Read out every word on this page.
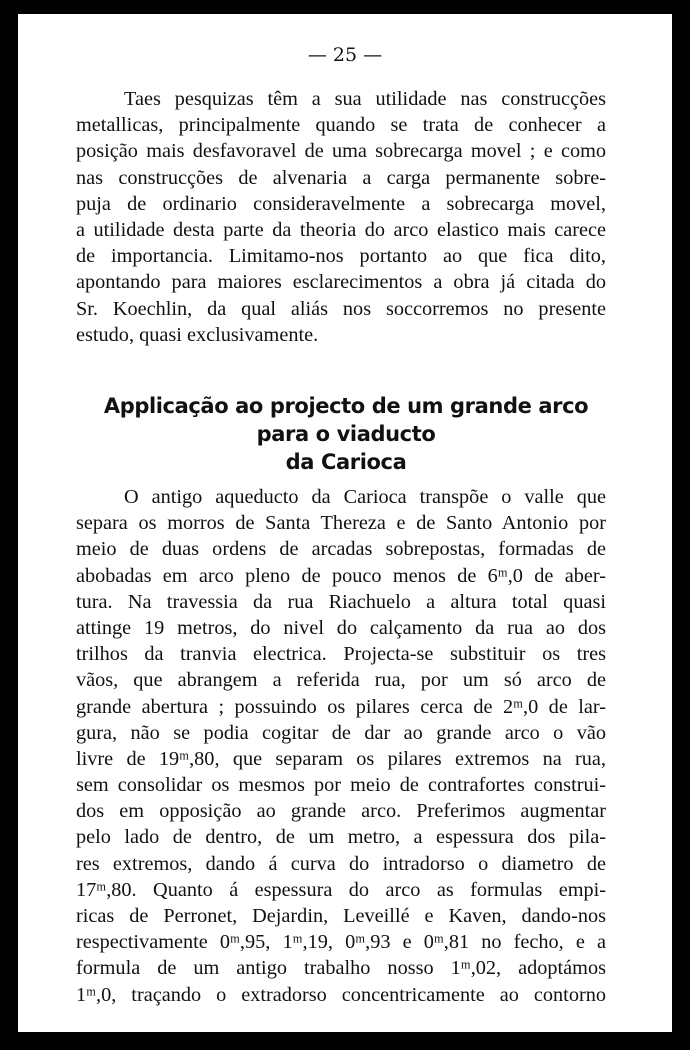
— 25 —

Taes pesquizas têm a sua utilidade nas construcções
metallicas, principalmente quando se trata de conhecer a
posição mais desfavoravel de uma sobrecarga movel ; e como
nas construcções de alvenaria a carga permanente sobre-
puja de ordinario consideravelmente a sobrecarga movel,
a utilidade desta parte da theoria do arco elastico mais carece
de importancia. Limitamo-nos portanto ao que fica dito,
apontando para maiores esclarecimentos a obra já citada do
Sr. Koechlin, da qual aliás nos soccorremos no presente
estudo, quasi exclusivamente.
Applicação ao projecto de um grande arco para o viaducto
da Carioca
O antigo aqueducto da Carioca transpõe o valle que
separa os morros de Santa Thereza e de Santo Antonio por
meio de duas ordens de arcadas sobrepostas, formadas de
abobadas em arco pleno de pouco menos de 6ᵐ,0 de aber-
tura. Na travessia da rua Riachuelo a altura total quasi
attinge 19 metros, do nivel do calçamento da rua ao dos
trilhos da tranvia electrica. Projecta-se substituir os tres
vãos, que abrangem a referida rua, por um só arco de
grande abertura ; possuindo os pilares cerca de 2ᵐ,0 de lar-
gura, não se podia cogitar de dar ao grande arco o vão
livre de 19ᵐ,80, que separam os pilares extremos na rua,
sem consolidar os mesmos por meio de contrafortes construi-
dos em opposição ao grande arco. Preferimos augmentar
pelo lado de dentro, de um metro, a espessura dos pila-
res extremos, dando á curva do intradorso o diametro de
17ᵐ,80. Quanto á espessura do arco as formulas empi-
ricas de Perronet, Dejardin, Leveillé e Kaven, dando-nos
respectivamente 0ᵐ,95, 1ᵐ,19, 0ᵐ,93 e 0ᵐ,81 no fecho, e a
formula de um antigo trabalho nosso 1ᵐ,02, adoptámos
1ᵐ,0, traçando o extradorso concentricamente ao contorno
